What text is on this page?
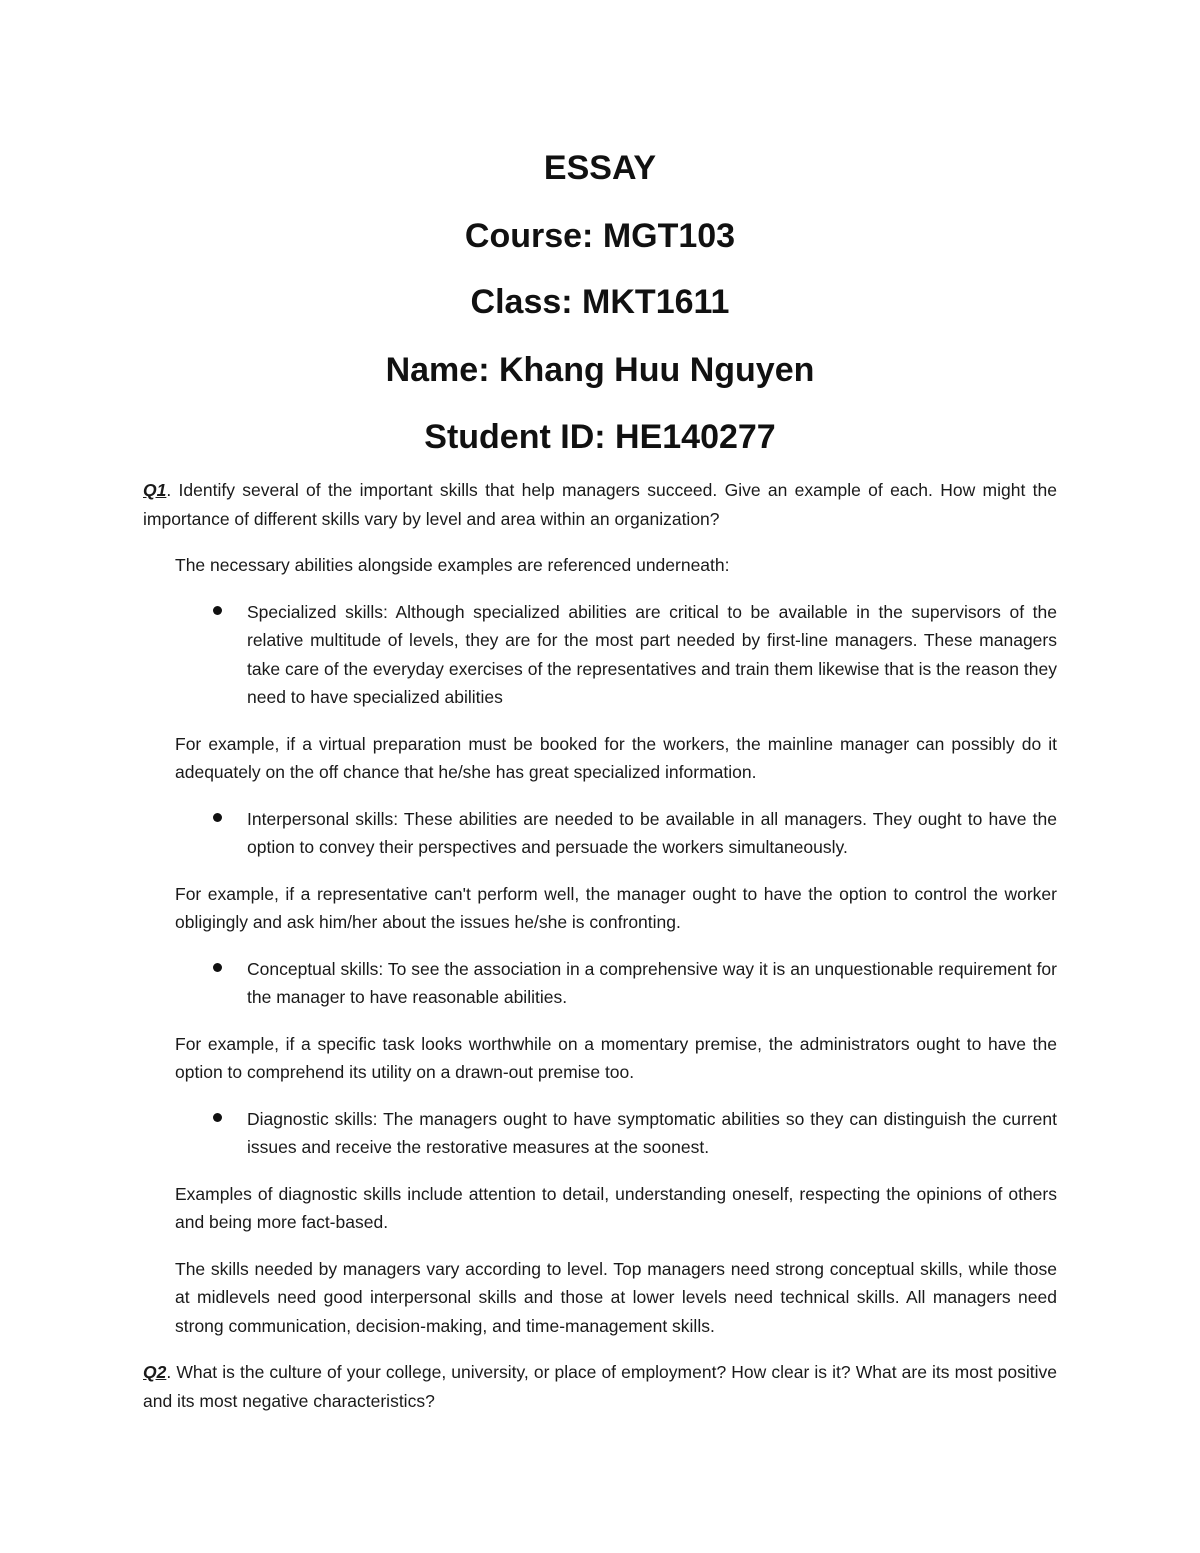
ESSAY
Course: MGT103
Class: MKT1611
Name: Khang Huu Nguyen
Student ID: HE140277

Q1. Identify several of the important skills that help managers succeed. Give an example of each. How might the importance of different skills vary by level and area within an organization?

The necessary abilities alongside examples are referenced underneath:

Specialized skills: Although specialized abilities are critical to be available in the supervisors of the relative multitude of levels, they are for the most part needed by first-line managers. These managers take care of the everyday exercises of the representatives and train them likewise that is the reason they need to have specialized abilities

For example, if a virtual preparation must be booked for the workers, the mainline manager can possibly do it adequately on the off chance that he/she has great specialized information.

Interpersonal skills: These abilities are needed to be available in all managers. They ought to have the option to convey their perspectives and persuade the workers simultaneously.

For example, if a representative can't perform well, the manager ought to have the option to control the worker obligingly and ask him/her about the issues he/she is confronting.

Conceptual skills: To see the association in a comprehensive way it is an unquestionable requirement for the manager to have reasonable abilities.

For example, if a specific task looks worthwhile on a momentary premise, the administrators ought to have the option to comprehend its utility on a drawn-out premise too.

Diagnostic skills: The managers ought to have symptomatic abilities so they can distinguish the current issues and receive the restorative measures at the soonest.

Examples of diagnostic skills include attention to detail, understanding oneself, respecting the opinions of others and being more fact-based.

The skills needed by managers vary according to level. Top managers need strong conceptual skills, while those at midlevels need good interpersonal skills and those at lower levels need technical skills. All managers need strong communication, decision-making, and time-management skills.

Q2. What is the culture of your college, university, or place of employment? How clear is it? What are its most positive and its most negative characteristics?
